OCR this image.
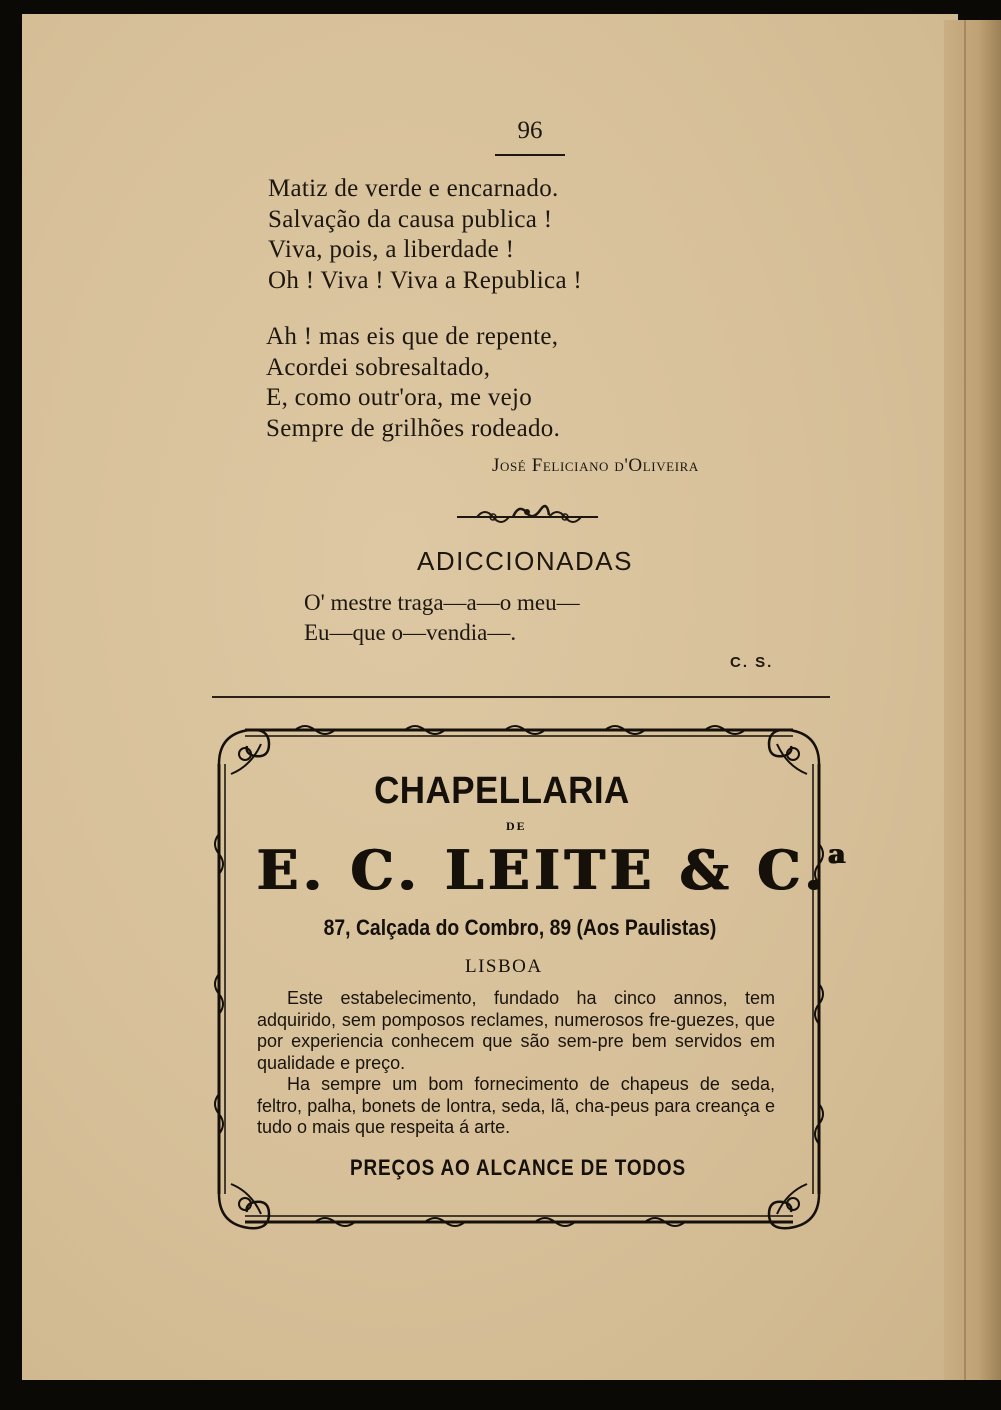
96
Matiz de verde e encarnado.
Salvação da causa publica !
Viva, pois, a liberdade !
Oh ! Viva ! Viva a Republica !
Ah ! mas eis que de repente,
Acordei sobresaltado,
E, como outr'ora, me vejo
Sempre de grilhões rodeado.
José Feliciano d'Oliveira
ADICCIONADAS
O' mestre traga—a—o meu—
Eu—que o—vendia—.
C. S.
CHAPELLARIA
DE
E. C. LEITE & C.$^a$
87, Calçada do Combro, 89 (Aos Paulistas)
LISBOA

Este estabelecimento, fundado ha cinco annos, tem adquirido, sem pomposos reclames, numerosos fre-guezes, que por experiencia conhecem que são sem-pre bem servidos em qualidade e preço.

Ha sempre um bom fornecimento de chapeus de seda, feltro, palha, bonets de lontra, seda, lã, cha-peus para creança e tudo o mais que respeita á arte.

PREÇOS AO ALCANCE DE TODOS
